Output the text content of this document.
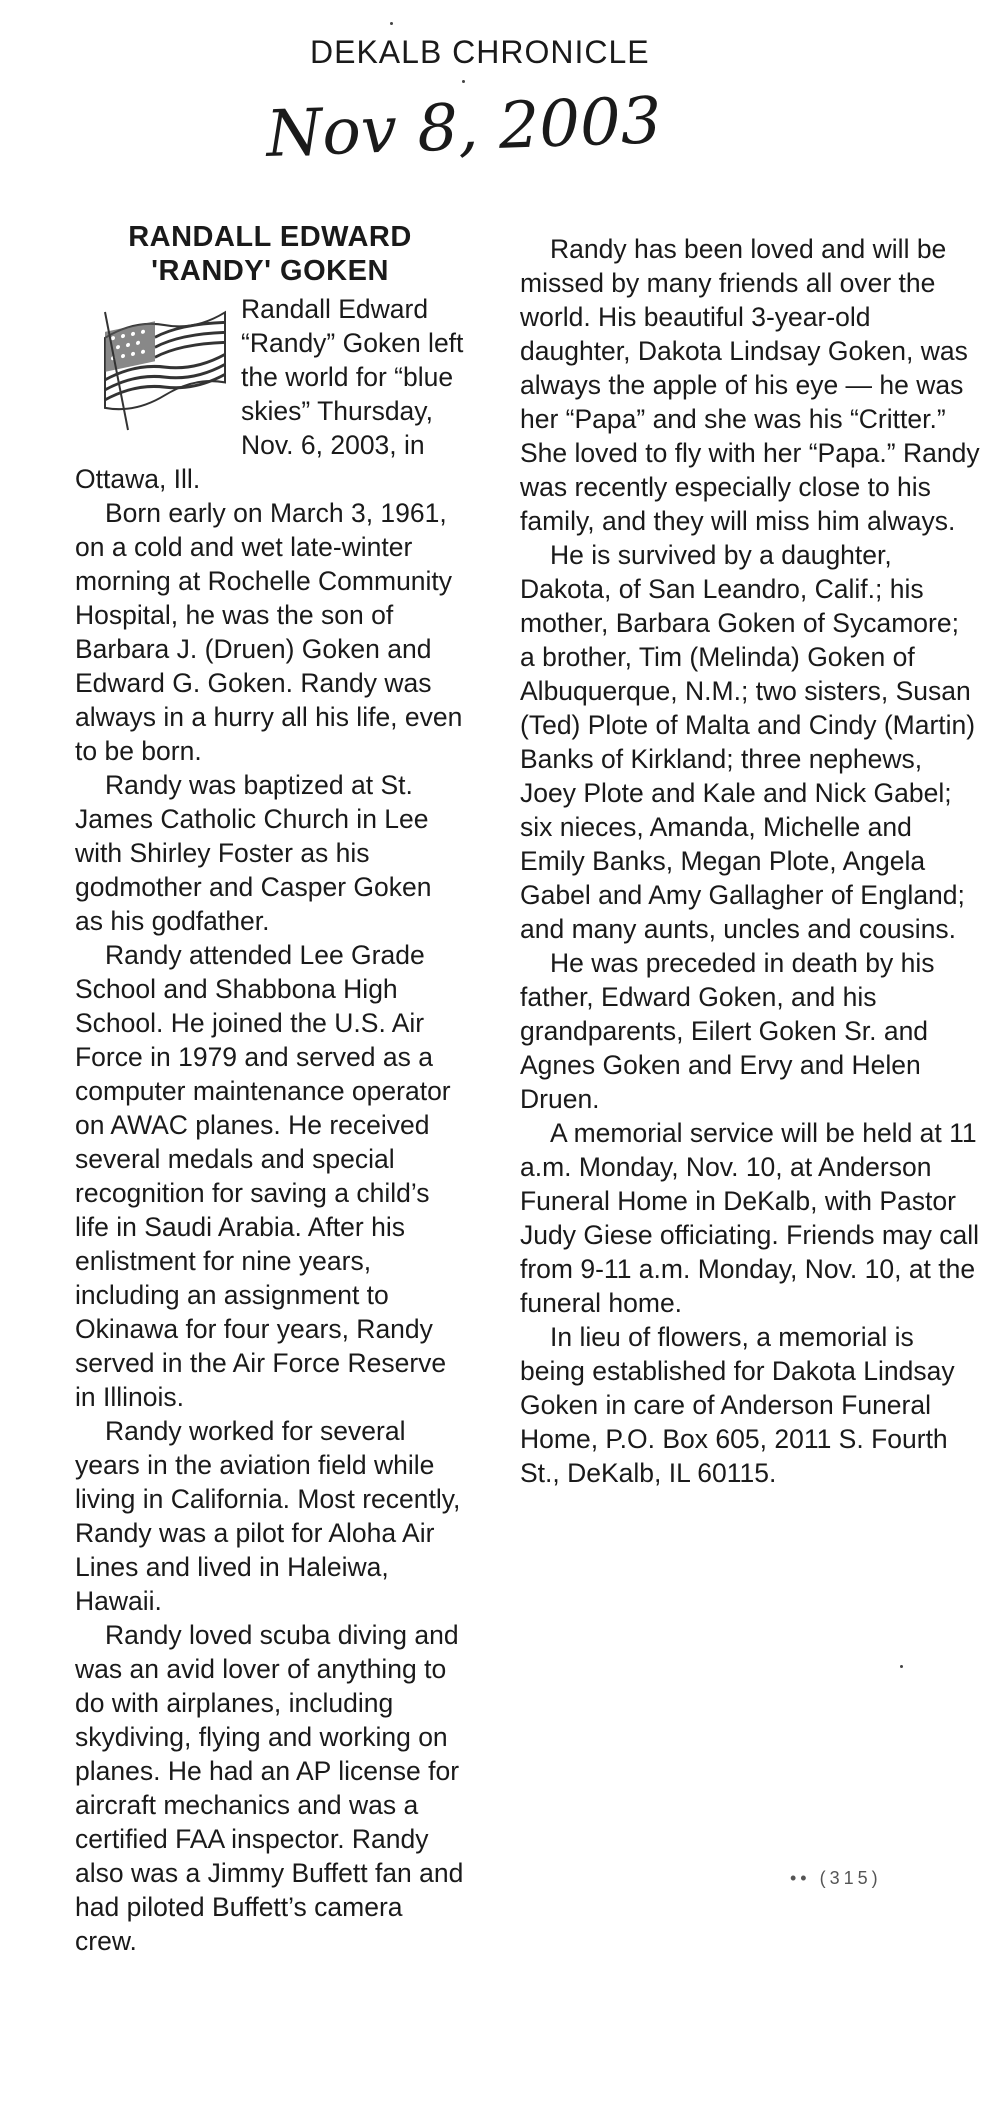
DEKALB CHRONICLE
Nov 8, 2003
RANDALL EDWARD
'RANDY' GOKEN

Randall Edward “Randy” Goken left the world for “blue skies” Thursday, Nov. 6, 2003, in Ottawa, Ill.

Born early on March 3, 1961, on a cold and wet late-winter morning at Rochelle Community Hospital, he was the son of Barbara J. (Druen) Goken and Edward G. Goken. Randy was always in a hurry all his life, even to be born.

Randy was baptized at St. James Catholic Church in Lee with Shirley Foster as his godmother and Casper Goken as his godfather.

Randy attended Lee Grade School and Shabbona High School. He joined the U.S. Air Force in 1979 and served as a computer maintenance operator on AWAC planes. He received several medals and special recognition for saving a child’s life in Saudi Arabia. After his enlistment for nine years, including an assignment to Okinawa for four years, Randy served in the Air Force Reserve in Illinois.

Randy worked for several years in the aviation field while living in California. Most recently, Randy was a pilot for Aloha Air Lines and lived in Haleiwa, Hawaii.

Randy loved scuba diving and was an avid lover of anything to do with airplanes, including skydiving, flying and working on planes. He had an AP license for aircraft mechanics and was a certified FAA inspector. Randy also was a Jimmy Buffett fan and had piloted Buffett’s camera crew.

Randy has been loved and will be missed by many friends all over the world. His beautiful 3-year-old daughter, Dakota Lindsay Goken, was always the apple of his eye — he was her “Papa” and she was his “Critter.” She loved to fly with her “Papa.” Randy was recently especially close to his family, and they will miss him always.

He is survived by a daughter, Dakota, of San Leandro, Calif.; his mother, Barbara Goken of Sycamore; a brother, Tim (Melinda) Goken of Albuquerque, N.M.; two sisters, Susan (Ted) Plote of Malta and Cindy (Martin) Banks of Kirkland; three nephews, Joey Plote and Kale and Nick Gabel; six nieces, Amanda, Michelle and Emily Banks, Megan Plote, Angela Gabel and Amy Gallagher of England; and many aunts, uncles and cousins.

He was preceded in death by his father, Edward Goken, and his grandparents, Eilert Goken Sr. and Agnes Goken and Ervy and Helen Druen.

A memorial service will be held at 11 a.m. Monday, Nov. 10, at Anderson Funeral Home in DeKalb, with Pastor Judy Giese officiating. Friends may call from 9-11 a.m. Monday, Nov. 10, at the funeral home.

In lieu of flowers, a memorial is being established for Dakota Lindsay Goken in care of Anderson Funeral Home, P.O. Box 605, 2011 S. Fourth St., DeKalb, IL 60115.

•• (315)
